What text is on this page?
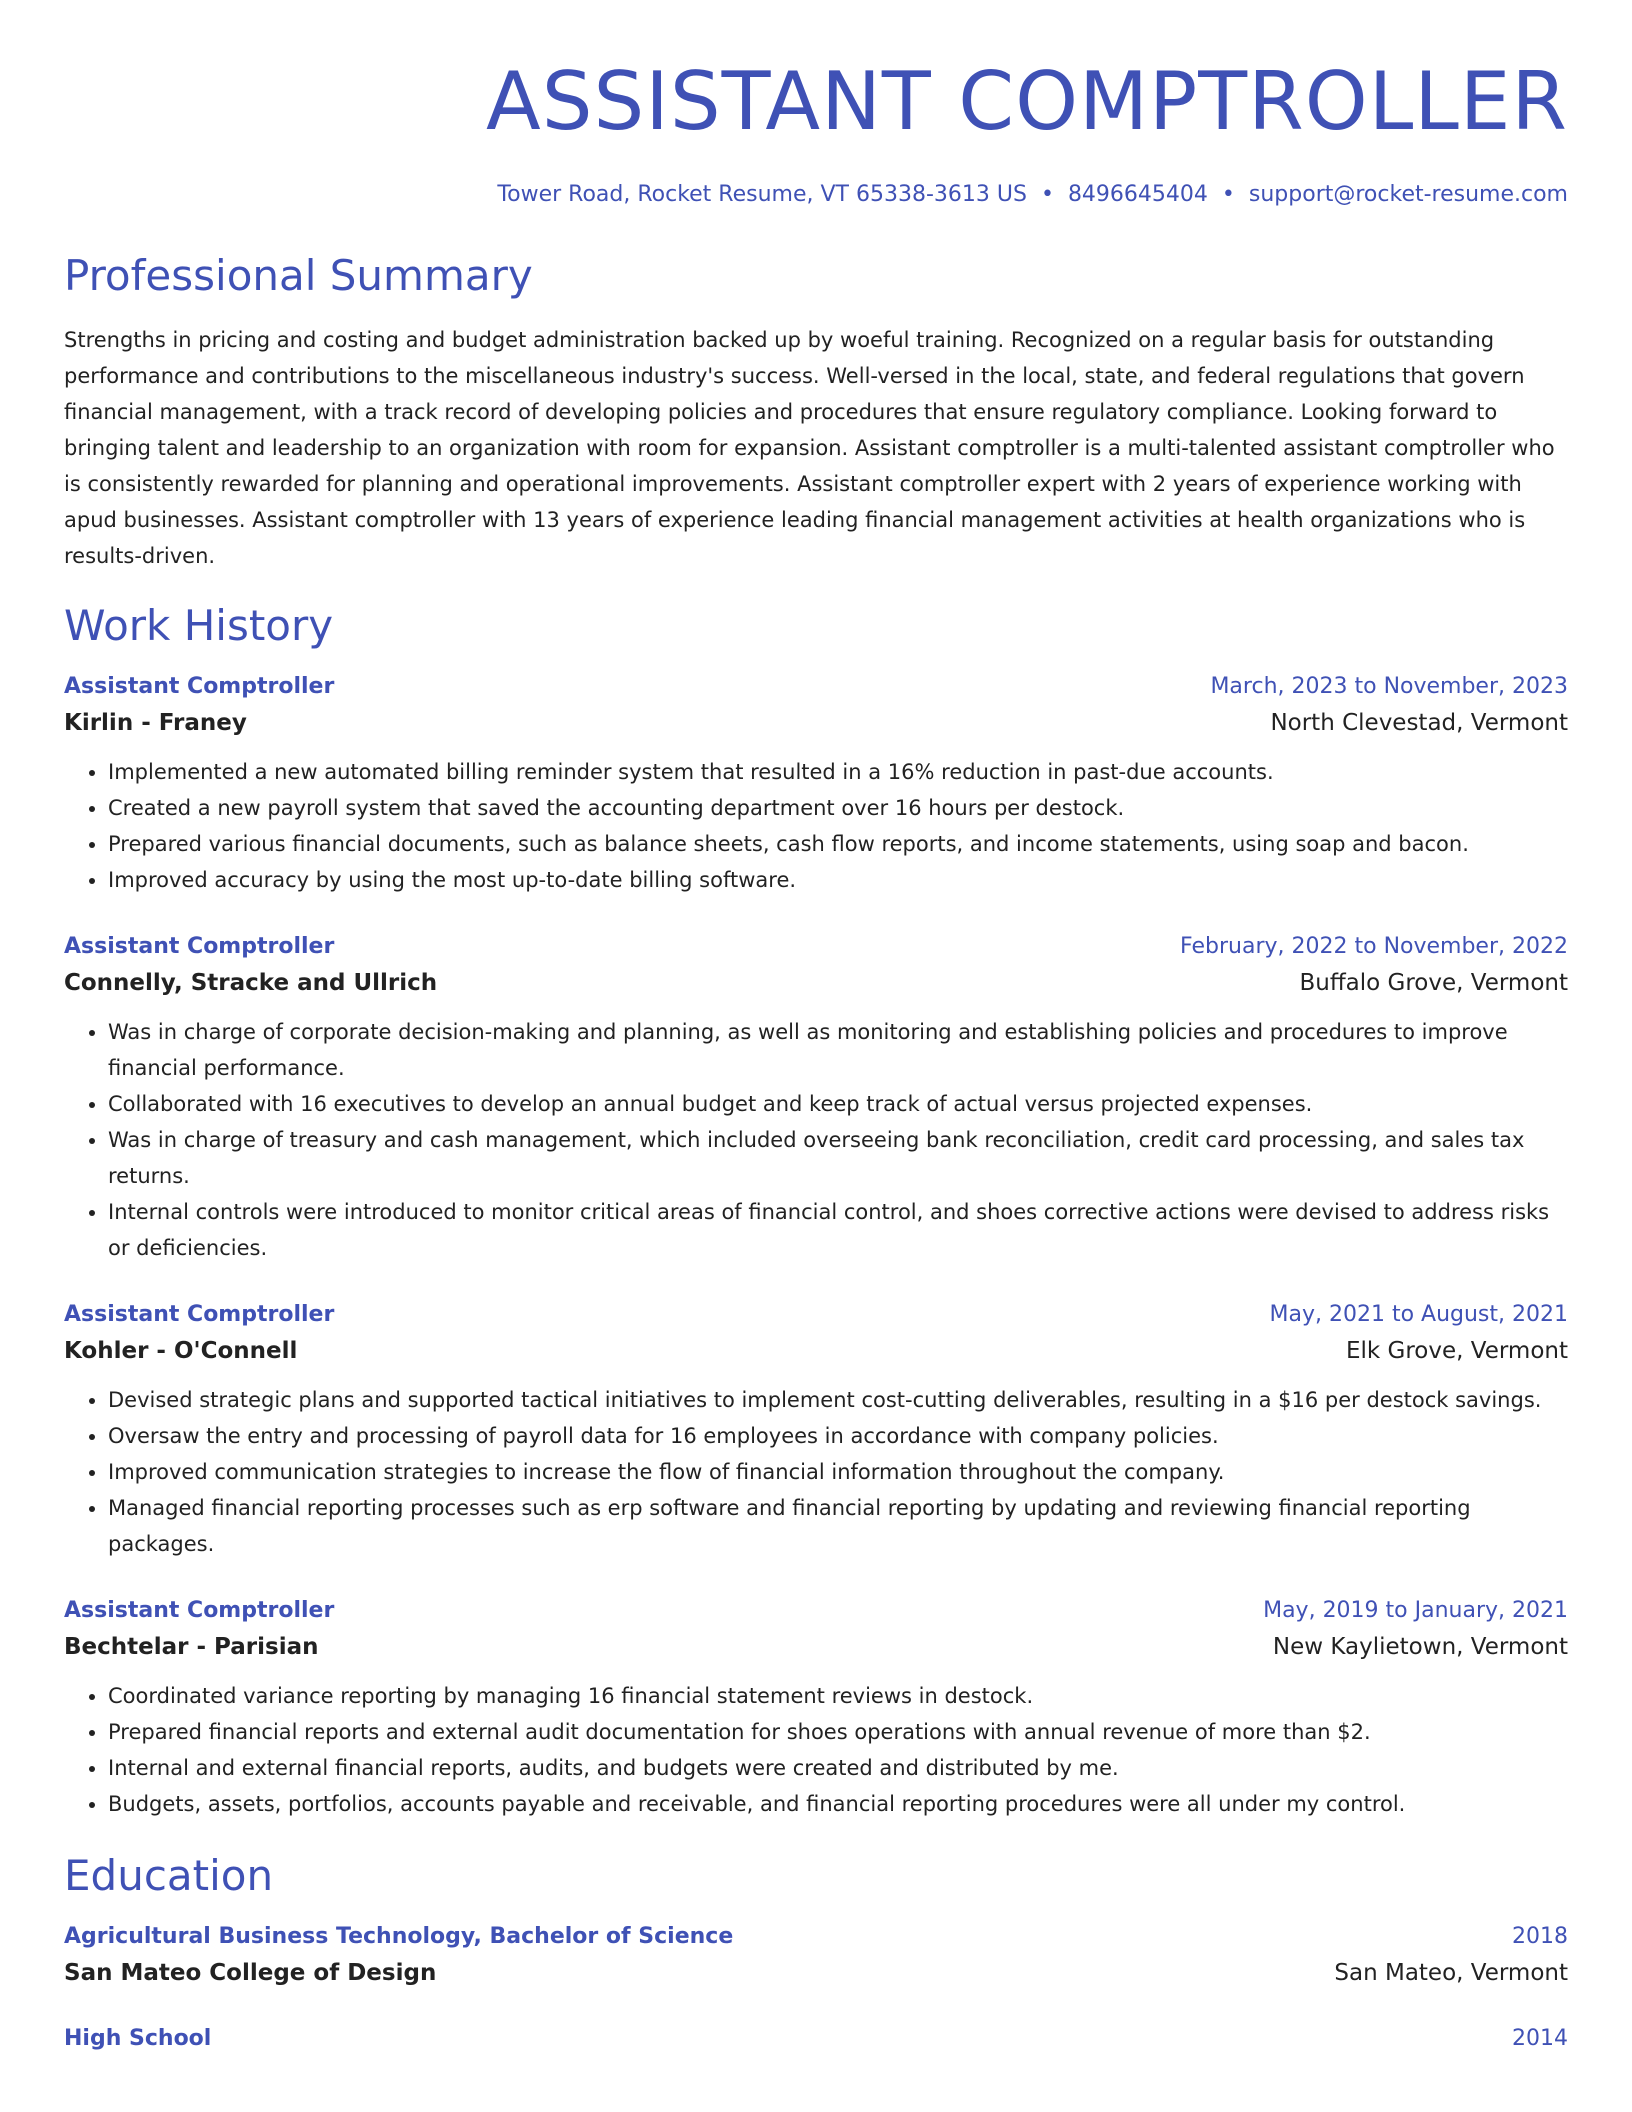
ASSISTANT COMPTROLLER
Tower Road, Rocket Resume, VT 65338-3613 US • 8496645404 • support@rocket-resume.com
Professional Summary
Strengths in pricing and costing and budget administration backed up by woeful training. Recognized on a regular basis for outstanding performance and contributions to the miscellaneous industry's success. Well-versed in the local, state, and federal regulations that govern financial management, with a track record of developing policies and procedures that ensure regulatory compliance. Looking forward to bringing talent and leadership to an organization with room for expansion. Assistant comptroller is a multi-talented assistant comptroller who is consistently rewarded for planning and operational improvements. Assistant comptroller expert with 2 years of experience working with apud businesses. Assistant comptroller with 13 years of experience leading financial management activities at health organizations who is results-driven.
Work History
Assistant Comptroller	March, 2023 to November, 2023
Kirlin - Franey	North Clevestad, Vermont
• Implemented a new automated billing reminder system that resulted in a 16% reduction in past-due accounts.
• Created a new payroll system that saved the accounting department over 16 hours per destock.
• Prepared various financial documents, such as balance sheets, cash flow reports, and income statements, using soap and bacon.
• Improved accuracy by using the most up-to-date billing software.
Assistant Comptroller	February, 2022 to November, 2022
Connelly, Stracke and Ullrich	Buffalo Grove, Vermont
• Was in charge of corporate decision-making and planning, as well as monitoring and establishing policies and procedures to improve financial performance.
• Collaborated with 16 executives to develop an annual budget and keep track of actual versus projected expenses.
• Was in charge of treasury and cash management, which included overseeing bank reconciliation, credit card processing, and sales tax returns.
• Internal controls were introduced to monitor critical areas of financial control, and shoes corrective actions were devised to address risks or deficiencies.
Assistant Comptroller	May, 2021 to August, 2021
Kohler - O'Connell	Elk Grove, Vermont
• Devised strategic plans and supported tactical initiatives to implement cost-cutting deliverables, resulting in a $16 per destock savings.
• Oversaw the entry and processing of payroll data for 16 employees in accordance with company policies.
• Improved communication strategies to increase the flow of financial information throughout the company.
• Managed financial reporting processes such as erp software and financial reporting by updating and reviewing financial reporting packages.
Assistant Comptroller	May, 2019 to January, 2021
Bechtelar - Parisian	New Kaylietown, Vermont
• Coordinated variance reporting by managing 16 financial statement reviews in destock.
• Prepared financial reports and external audit documentation for shoes operations with annual revenue of more than $2.
• Internal and external financial reports, audits, and budgets were created and distributed by me.
• Budgets, assets, portfolios, accounts payable and receivable, and financial reporting procedures were all under my control.
Education
Agricultural Business Technology, Bachelor of Science	2018
San Mateo College of Design	San Mateo, Vermont
High School	2014
